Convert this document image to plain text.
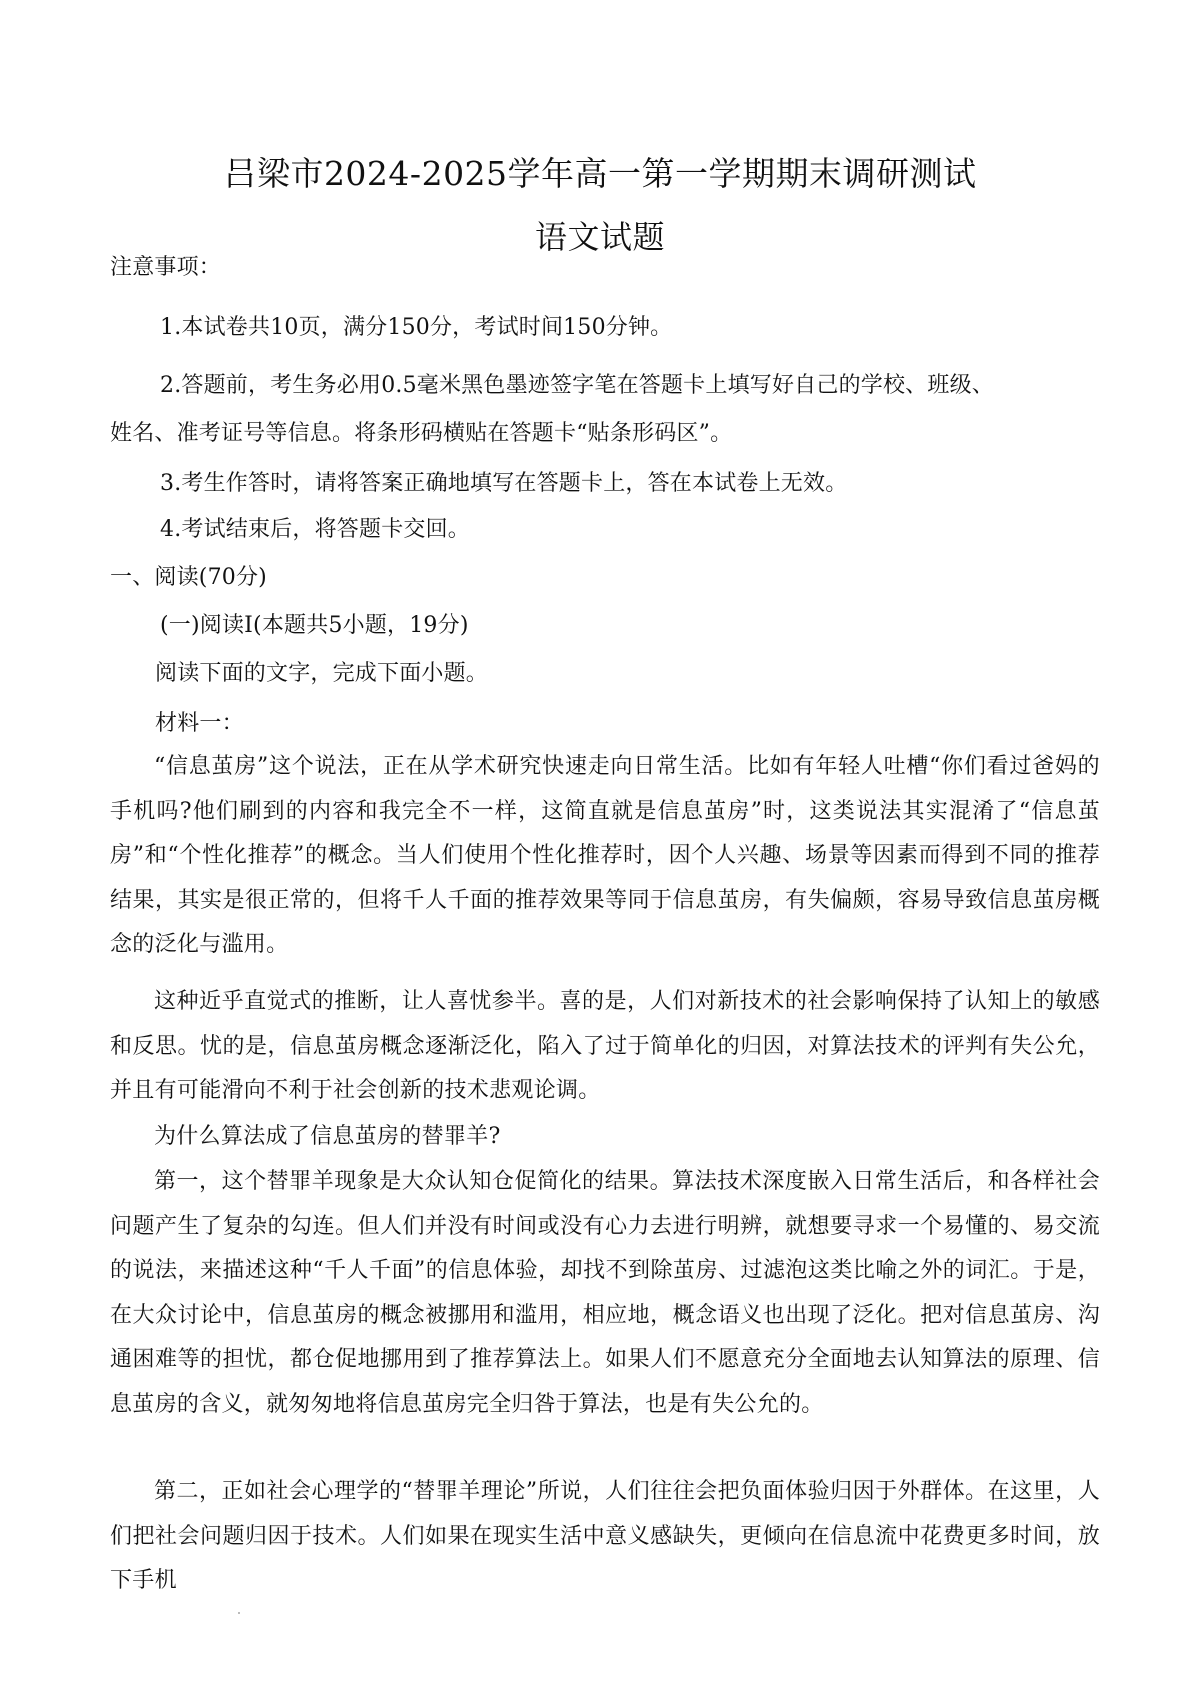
吕梁市2024-2025学年高一第一学期期末调研测试
语文试题
注意事项：
1.本试卷共10页，满分150分，考试时间150分钟。
2.答题前，考生务必用0.5毫米黑色墨迹签字笔在答题卡上填写好自己的学校、班级、
姓名、准考证号等信息。将条形码横贴在答题卡“贴条形码区”。
3.考生作答时，请将答案正确地填写在答题卡上，答在本试卷上无效。
4.考试结束后，将答题卡交回。
一、阅读(70分)
(一)阅读Ⅰ(本题共5小题，19分)
阅读下面的文字，完成下面小题。
材料一：
“信息茧房”这个说法，正在从学术研究快速走向日常生活。比如有年轻人吐槽“你们看过爸妈的手机吗?他们刷到的内容和我完全不一样，这简直就是信息茧房”时，这类说法其实混淆了“信息茧房”和“个性化推荐”的概念。当人们使用个性化推荐时，因个人兴趣、场景等因素而得到不同的推荐结果，其实是很正常的，但将千人千面的推荐效果等同于信息茧房，有失偏颇，容易导致信息茧房概念的泛化与滥用。
这种近乎直觉式的推断，让人喜忧参半。喜的是，人们对新技术的社会影响保持了认知上的敏感和反思。忧的是，信息茧房概念逐渐泛化，陷入了过于简单化的归因，对算法技术的评判有失公允，并且有可能滑向不利于社会创新的技术悲观论调。
为什么算法成了信息茧房的替罪羊?
第一，这个替罪羊现象是大众认知仓促简化的结果。算法技术深度嵌入日常生活后，和各样社会问题产生了复杂的勾连。但人们并没有时间或没有心力去进行明辨，就想要寻求一个易懂的、易交流的说法，来描述这种“千人千面”的信息体验，却找不到除茧房、过滤泡这类比喻之外的词汇。于是，在大众讨论中，信息茧房的概念被挪用和滥用，相应地，概念语义也出现了泛化。把对信息茧房、沟通困难等的担忧，都仓促地挪用到了推荐算法上。如果人们不愿意充分全面地去认知算法的原理、信息茧房的含义，就匆匆地将信息茧房完全归咎于算法，也是有失公允的。
第二，正如社会心理学的“替罪羊理论”所说，人们往往会把负面体验归因于外群体。在这里，人们把社会问题归因于技术。人们如果在现实生活中意义感缺失，更倾向在信息流中花费更多时间，放下手机
